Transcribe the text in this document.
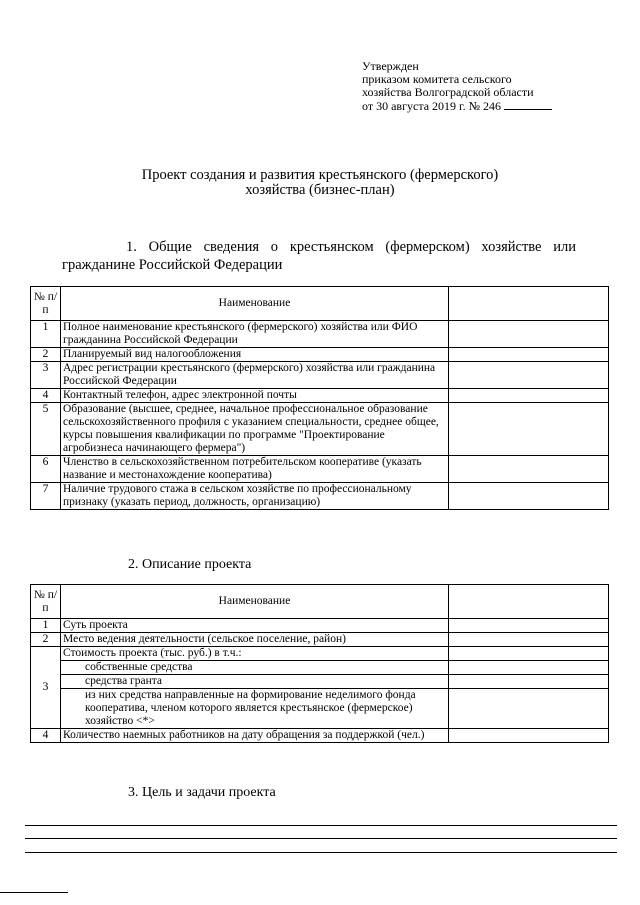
Утвержден
приказом комитета сельского
хозяйства Волгоградской области
от 30 августа 2019 г. № 246
Проект создания и развития крестьянского (фермерского)
хозяйства (бизнес-план)
1. Общие сведения о крестьянском (фермерском) хозяйстве или
гражданине Российской Федерации
№ п/п	Наименование	
1	Полное наименование крестьянского (фермерского) хозяйства или ФИО гражданина Российской Федерации	
2	Планируемый вид налогообложения	
3	Адрес регистрации крестьянского (фермерского) хозяйства или гражданина Российской Федерации	
4	Контактный телефон, адрес электронной почты	
5	Образование (высшее, среднее, начальное профессиональное образование сельскохозяйственного профиля с указанием специальности, среднее общее, курсы повышения квалификации по программе "Проектирование агробизнеса начинающего фермера")	
6	Членство в сельскохозяйственном потребительском кооперативе (указать название и местонахождение кооператива)	
7	Наличие трудового стажа в сельском хозяйстве по профессиональному признаку (указать период, должность, организацию)	
2. Описание проекта
№ п/п	Наименование	
1	Суть проекта	
2	Место ведения деятельности (сельское поселение, район)	
3	Стоимость проекта (тыс. руб.) в т.ч.:	
	собственные средства	
	средства гранта	
	из них средства направленные на формирование неделимого фонда кооператива, членом которого является крестьянское (фермерское) хозяйство <*>	
4	Количество наемных работников на дату обращения за поддержкой (чел.)	
3. Цель и задачи проекта
